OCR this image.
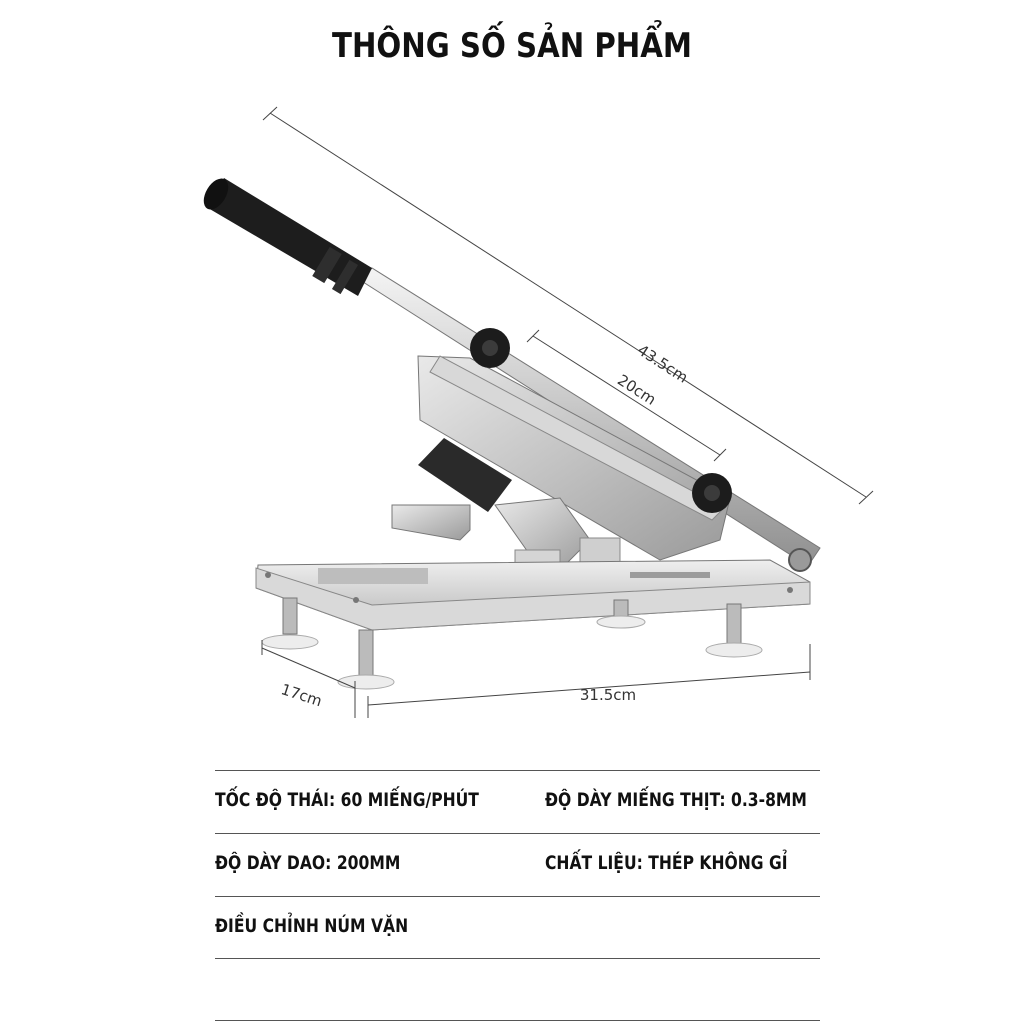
THÔNG SỐ SẢN PHẨM
43.5cm
20cm
17cm	31.5cm
TỐC ĐỘ THÁI: 60 MIẾNG/PHÚT	ĐỘ DÀY MIẾNG THỊT: 0.3-8MM
ĐỘ DÀY DAO: 200MM	CHẤT LIỆU: THÉP KHÔNG GỈ
ĐIỀU CHỈNH NÚM VẶN
